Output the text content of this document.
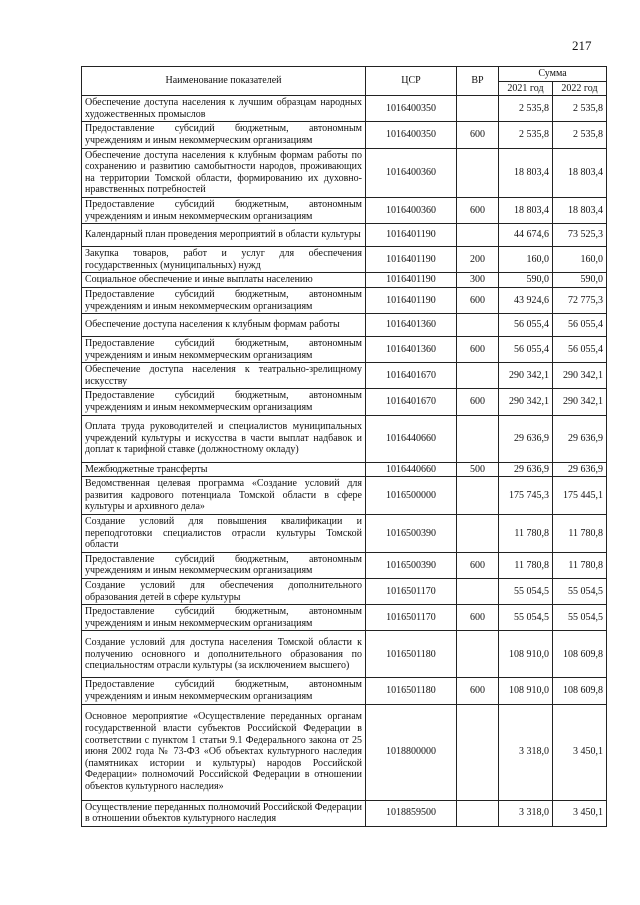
217
Наименование показателей	ЦСР	ВР	Сумма	
			2021 год	2022 год
Обеспечение доступа населения к лучшим образцам народных художественных промыслов	1016400350		2 535,8	2 535,8
Предоставление субсидий бюджетным, автономным учреждениям и иным некоммерческим организациям	1016400350	600	2 535,8	2 535,8
Обеспечение доступа населения к клубным формам работы по сохранению и развитию самобытности народов, проживающих на территории Томской области, формированию их духовно-нравственных потребностей	1016400360		18 803,4	18 803,4
Предоставление субсидий бюджетным, автономным учреждениям и иным некоммерческим организациям	1016400360	600	18 803,4	18 803,4
Календарный план проведения мероприятий в области культуры	1016401190		44 674,6	73 525,3
Закупка товаров, работ и услуг для обеспечения государственных (муниципальных) нужд	1016401190	200	160,0	160,0
Социальное обеспечение и иные выплаты населению	1016401190	300	590,0	590,0
Предоставление субсидий бюджетным, автономным учреждениям и иным некоммерческим организациям	1016401190	600	43 924,6	72 775,3
Обеспечение доступа населения к клубным формам работы	1016401360		56 055,4	56 055,4
Предоставление субсидий бюджетным, автономным учреждениям и иным некоммерческим организациям	1016401360	600	56 055,4	56 055,4
Обеспечение доступа населения к театрально-зрелищному искусству	1016401670		290 342,1	290 342,1
Предоставление субсидий бюджетным, автономным учреждениям и иным некоммерческим организациям	1016401670	600	290 342,1	290 342,1
Оплата труда руководителей и специалистов муниципальных учреждений культуры и искусства в части выплат надбавок и доплат к тарифной ставке (должностному окладу)	1016440660		29 636,9	29 636,9
Межбюджетные трансферты	1016440660	500	29 636,9	29 636,9
Ведомственная целевая программа «Создание условий для развития кадрового потенциала Томской области в сфере культуры и архивного дела»	1016500000		175 745,3	175 445,1
Создание условий для повышения квалификации и переподготовки специалистов отрасли культуры Томской области	1016500390		11 780,8	11 780,8
Предоставление субсидий бюджетным, автономным учреждениям и иным некоммерческим организациям	1016500390	600	11 780,8	11 780,8
Создание условий для обеспечения дополнительного образования детей в сфере культуры	1016501170		55 054,5	55 054,5
Предоставление субсидий бюджетным, автономным учреждениям и иным некоммерческим организациям	1016501170	600	55 054,5	55 054,5
Создание условий для доступа населения Томской области к получению основного и дополнительного образования по специальностям отрасли культуры (за исключением высшего)	1016501180		108 910,0	108 609,8
Предоставление субсидий бюджетным, автономным учреждениям и иным некоммерческим организациям	1016501180	600	108 910,0	108 609,8
Основное мероприятие «Осуществление переданных органам государственной власти субъектов Российской Федерации в соответствии с пунктом 1 статьи 9.1 Федерального закона от 25 июня 2002 года № 73-ФЗ «Об объектах культурного наследия (памятниках истории и культуры) народов Российской Федерации» полномочий Российской Федерации в отношении объектов культурного наследия»	1018800000		3 318,0	3 450,1
Осуществление переданных полномочий Российской Федерации в отношении объектов культурного наследия	1018859500		3 318,0	3 450,1
